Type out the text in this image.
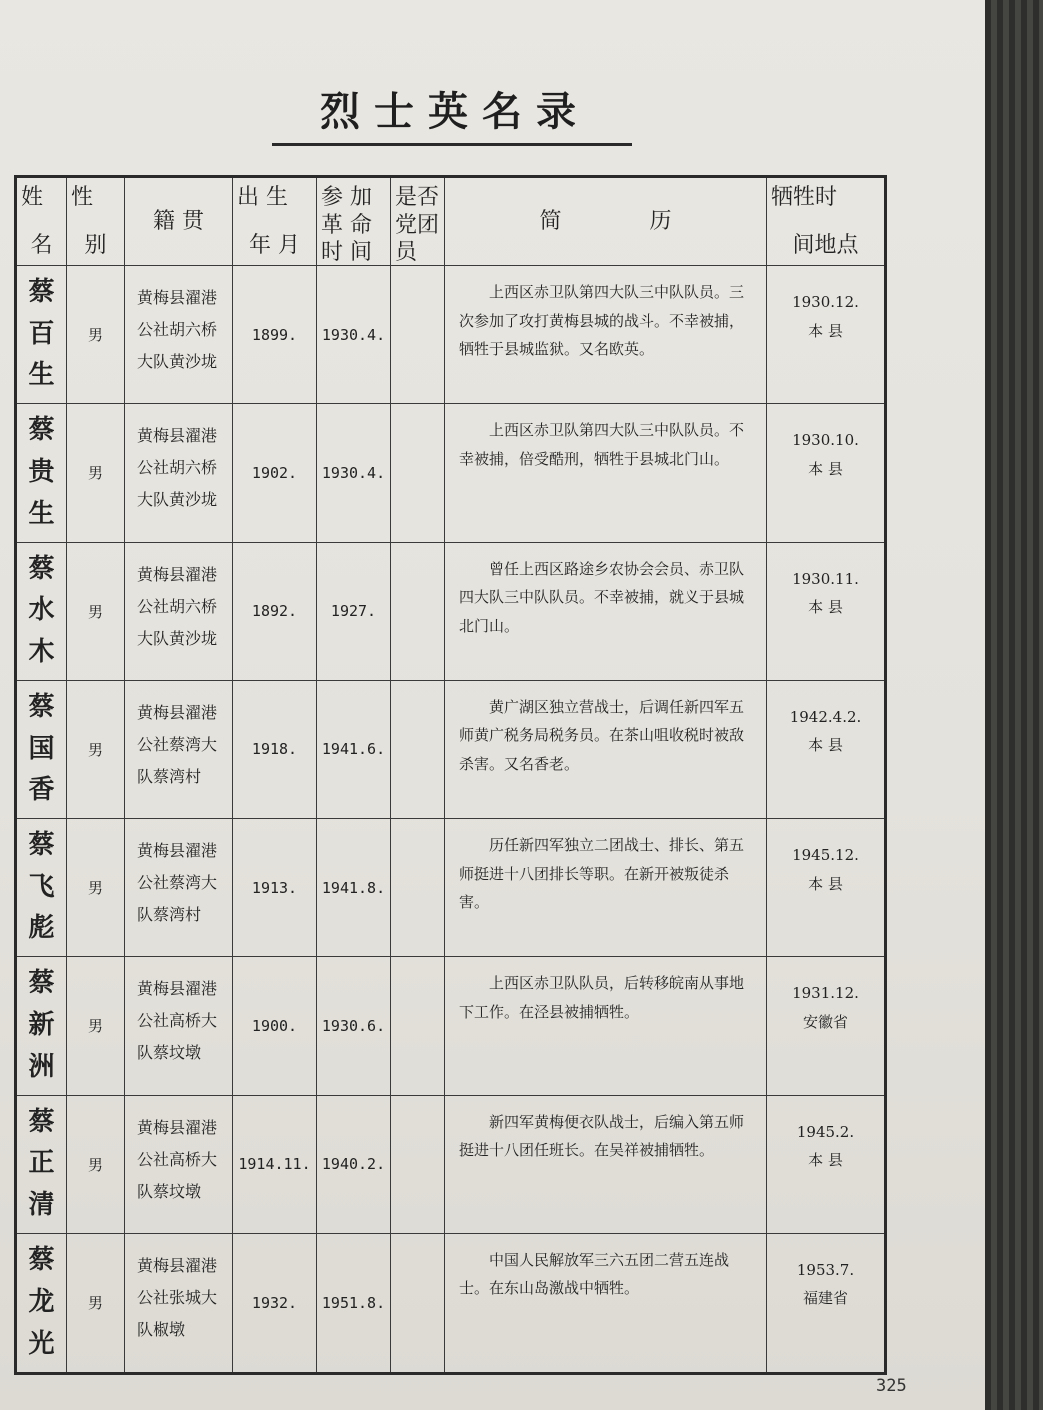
烈士英名录
姓
名
性
别
籍 贯
出 生
年 月
参 加
革 命
时 间
是否
党团
员
简　　　　历
牺牲时
间地点
蔡
百
生
男
黄梅县濯港
公社胡六桥
大队黄沙垅
1899. 1930.4.
上西区赤卫队第四大队三中队队员。三次参加了攻打黄梅县城的战斗。不幸被捕，牺牲于县城监狱。又名欧英。
1930.12.
本 县
蔡
贵
生
男
黄梅县濯港
公社胡六桥
大队黄沙垅
1902. 1930.4.
上西区赤卫队第四大队三中队队员。不幸被捕，倍受酷刑，牺牲于县城北门山。
1930.10.
本 县
蔡
水
木
男
黄梅县濯港
公社胡六桥
大队黄沙垅
1892. 1927.
曾任上西区路途乡农协会会员、赤卫队四大队三中队队员。不幸被捕，就义于县城北门山。
1930.11.
本 县
蔡
国
香
男
黄梅县濯港
公社蔡湾大
队蔡湾村
1918. 1941.6.
黄广湖区独立营战士，后调任新四军五师黄广税务局税务员。在茶山咀收税时被敌杀害。又名香老。
1942.4.2.
本 县
蔡
飞
彪
男
黄梅县濯港
公社蔡湾大
队蔡湾村
1913. 1941.8.
历任新四军独立二团战士、排长、第五师挺进十八团排长等职。在新开被叛徒杀害。
1945.12.
本 县
蔡
新
洲
男
黄梅县濯港
公社高桥大
队蔡坟墩
1900. 1930.6.
上西区赤卫队队员，后转移皖南从事地下工作。在泾县被捕牺牲。
1931.12.
安徽省
蔡
正
清
男
黄梅县濯港
公社高桥大
队蔡坟墩
1914.11. 1940.2.
新四军黄梅便衣队战士，后编入第五师挺进十八团任班长。在吴祥被捕牺牲。
1945.2.
本 县
蔡
龙
光
男
黄梅县濯港
公社张城大
队椒墩
1932. 1951.8.
中国人民解放军三六五团二营五连战士。在东山岛激战中牺牲。
1953.7.
福建省
325
